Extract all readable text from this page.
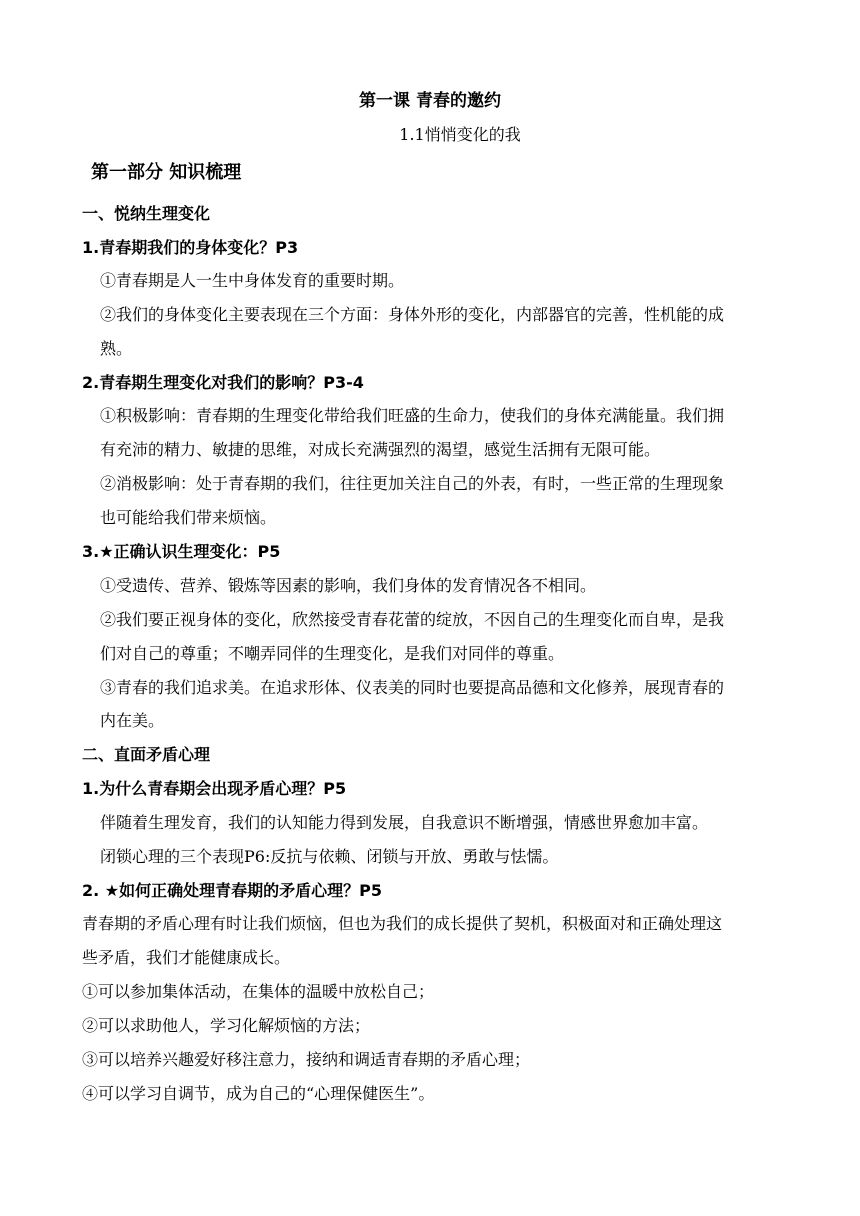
第一课 青春的邀约
1.1悄悄变化的我
第一部分 知识梳理
一、悦纳生理变化
1.青春期我们的身体变化？P3
①青春期是人一生中身体发育的重要时期。
②我们的身体变化主要表现在三个方面：身体外形的变化，内部器官的完善，性机能的成
熟。
2.青春期生理变化对我们的影响？P3-4
①积极影响：青春期的生理变化带给我们旺盛的生命力，使我们的身体充满能量。我们拥
有充沛的精力、敏捷的思维，对成长充满强烈的渴望，感觉生活拥有无限可能。
②消极影响：处于青春期的我们，往往更加关注自己的外表，有时，一些正常的生理现象
也可能给我们带来烦恼。
3.★正确认识生理变化：P5
①受遗传、营养、锻炼等因素的影响，我们身体的发育情况各不相同。
②我们要正视身体的变化，欣然接受青春花蕾的绽放，不因自己的生理变化而自卑，是我
们对自己的尊重；不嘲弄同伴的生理变化，是我们对同伴的尊重。
③青春的我们追求美。在追求形体、仪表美的同时也要提高品德和文化修养，展现青春的
内在美。
二、直面矛盾心理
1.为什么青春期会出现矛盾心理？P5
伴随着生理发育，我们的认知能力得到发展，自我意识不断增强，情感世界愈加丰富。
闭锁心理的三个表现P6:反抗与依赖、闭锁与开放、勇敢与怯懦。
2. ★如何正确处理青春期的矛盾心理？P5
青春期的矛盾心理有时让我们烦恼，但也为我们的成长提供了契机，积极面对和正确处理这
些矛盾，我们才能健康成长。
①可以参加集体活动，在集体的温暖中放松自己；
②可以求助他人，学习化解烦恼的方法；
③可以培养兴趣爱好移注意力，接纳和调适青春期的矛盾心理；
④可以学习自调节，成为自己的“心理保健医生”。
